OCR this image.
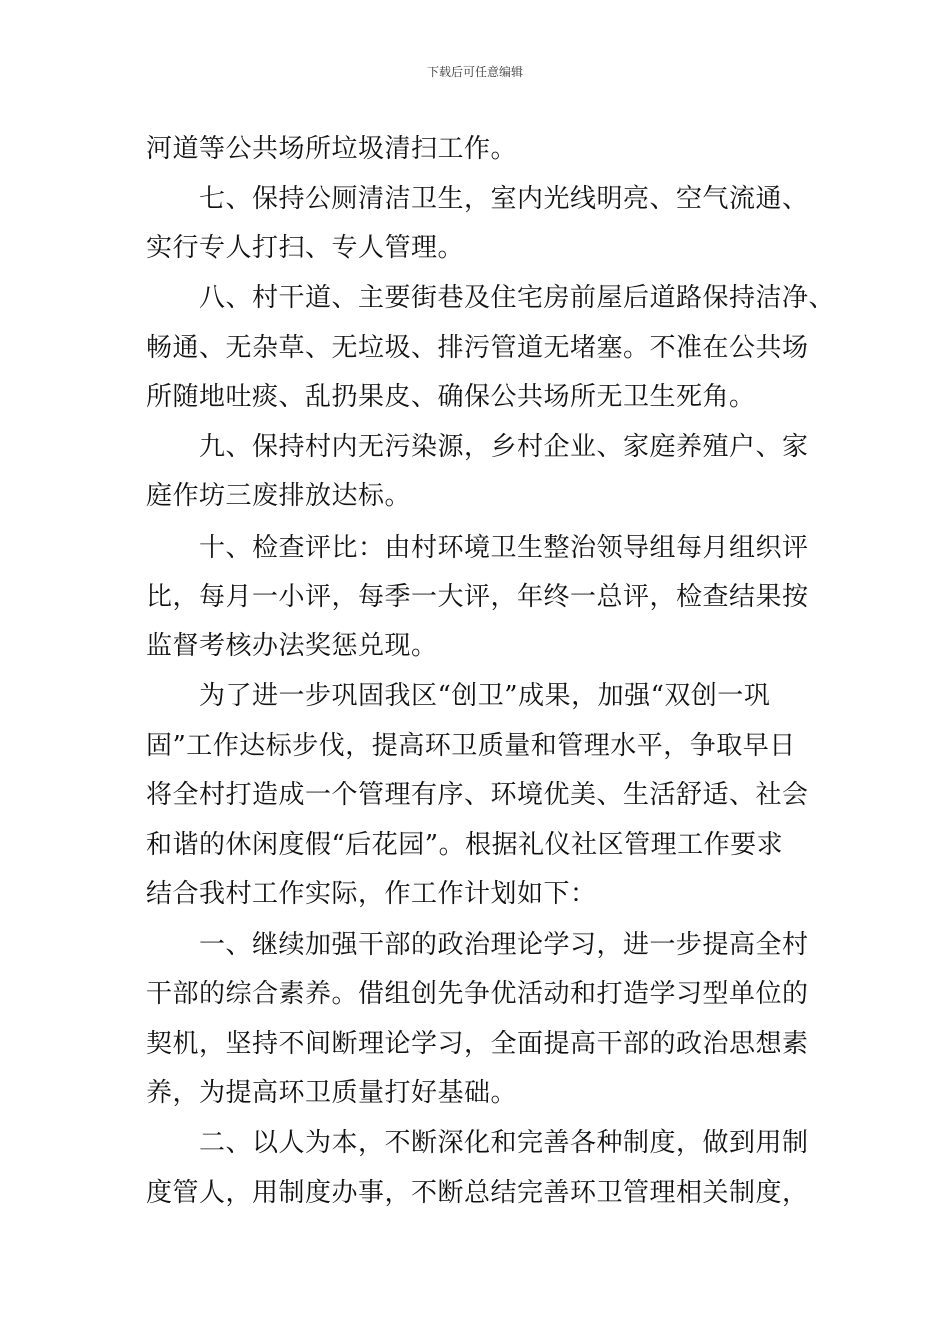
下载后可任意编辑
河道等公共场所垃圾清扫工作。
七、保持公厕清洁卫生，室内光线明亮、空气流通、
实行专人打扫、专人管理。
八、村干道、主要街巷及住宅房前屋后道路保持洁净、
畅通、无杂草、无垃圾、排污管道无堵塞。不准在公共场
所随地吐痰、乱扔果皮、确保公共场所无卫生死角。
九、保持村内无污染源，乡村企业、家庭养殖户、家
庭作坊三废排放达标。
十、检查评比：由村环境卫生整治领导组每月组织评
比，每月一小评，每季一大评，年终一总评，检查结果按
监督考核办法奖惩兑现。
为了进一步巩固我区“创卫”成果，加强“双创一巩
固”工作达标步伐，提高环卫质量和管理水平，争取早日
将全村打造成一个管理有序、环境优美、生活舒适、社会
和谐的休闲度假“后花园”。根据礼仪社区管理工作要求
结合我村工作实际，作工作计划如下：
一、继续加强干部的政治理论学习，进一步提高全村
干部的综合素养。借组创先争优活动和打造学习型单位的
契机，坚持不间断理论学习，全面提高干部的政治思想素
养，为提高环卫质量打好基础。
二、以人为本，不断深化和完善各种制度，做到用制
度管人，用制度办事，不断总结完善环卫管理相关制度，
